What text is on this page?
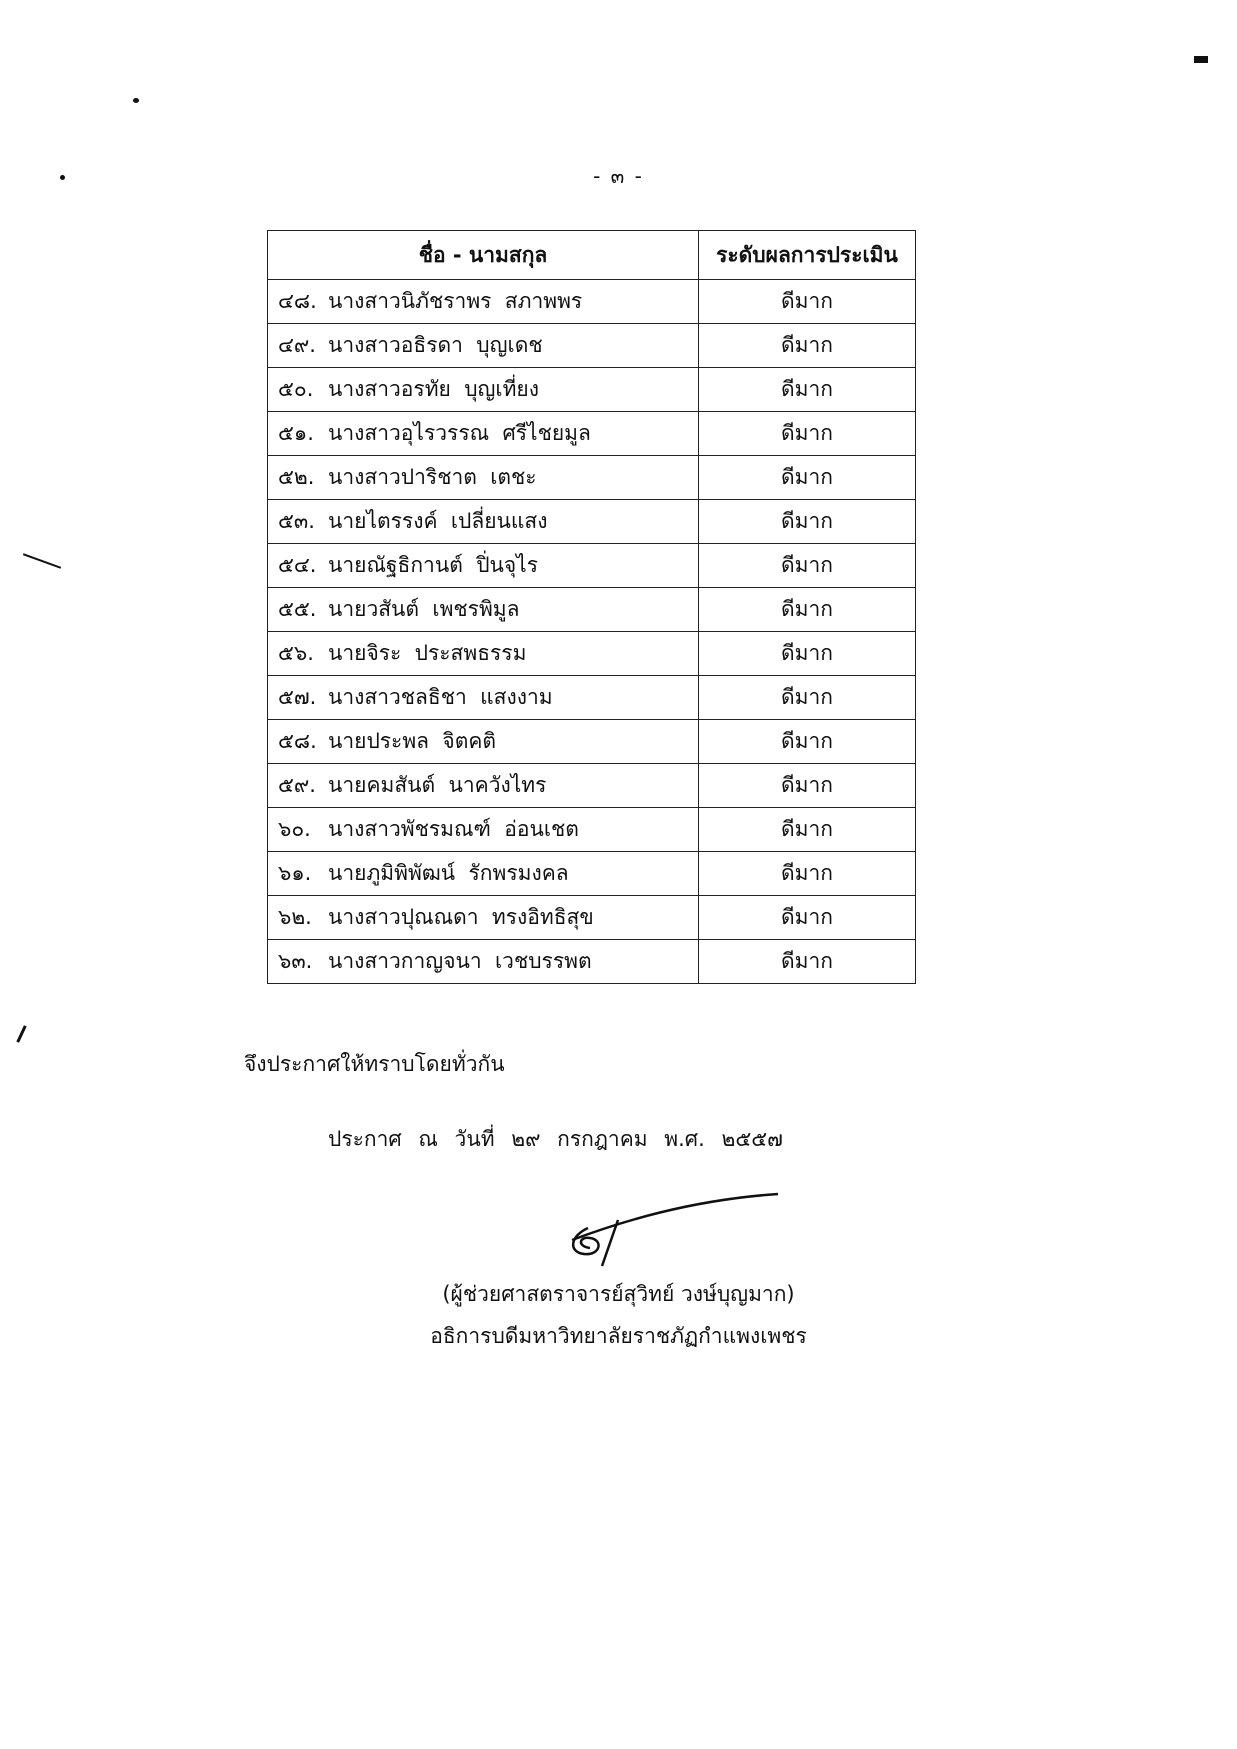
- ๓ -
ชื่อ - นามสกุล	ระดับผลการประเมิน
๔๘. นางสาวนิภัชราพร  สภาพพร	ดีมาก
๔๙. นางสาวอธิรดา  บุญเดช	ดีมาก
๕๐. นางสาวอรทัย  บุญเที่ยง	ดีมาก
๕๑. นางสาวอุไรวรรณ  ศรีไชยมูล	ดีมาก
๕๒. นางสาวปาริชาต  เตชะ	ดีมาก
๕๓. นายไตรรงค์  เปลี่ยนแสง	ดีมาก
๕๔. นายณัฐธิกานต์  ปิ่นจุไร	ดีมาก
๕๕. นายวสันต์  เพชรพิมูล	ดีมาก
๕๖. นายจิระ  ประสพธรรม	ดีมาก
๕๗. นางสาวชลธิชา  แสงงาม	ดีมาก
๕๘. นายประพล  จิตคติ	ดีมาก
๕๙. นายคมสันต์  นาควังไทร	ดีมาก
๖๐. นางสาวพัชรมณฑ์  อ่อนเชต	ดีมาก
๖๑. นายภูมิพิพัฒน์  รักพรมงคล	ดีมาก
๖๒. นางสาวปุณณดา  ทรงอิทธิสุข	ดีมาก
๖๓. นางสาวกาญจนา  เวชบรรพต	ดีมาก
จึงประกาศให้ทราบโดยทั่วกัน
ประกาศ ณ วันที่ ๒๙ กรกฎาคม พ.ศ. ๒๕๕๗
(ผู้ช่วยศาสตราจารย์สุวิทย์ วงษ์บุญมาก)
อธิการบดีมหาวิทยาลัยราชภัฏกำแพงเพชร
